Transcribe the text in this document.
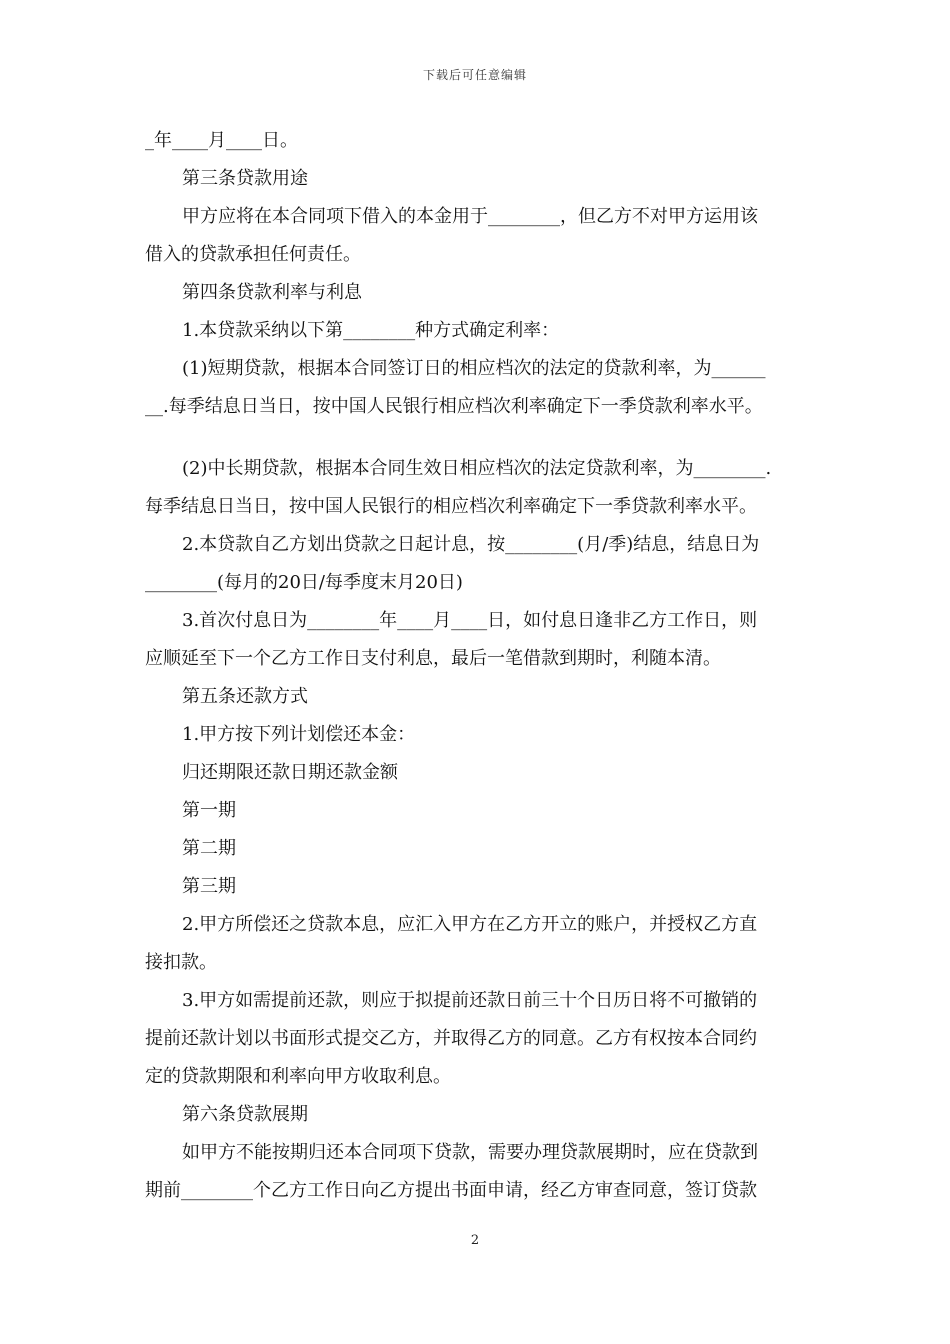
下载后可任意编辑
_年____月____日。
第三条贷款用途
甲方应将在本合同项下借入的本金用于________，但乙方不对甲方运用该
借入的贷款承担任何责任。
第四条贷款利率与利息
1.本贷款采纳以下第________种方式确定利率：
(1)短期贷款，根据本合同签订日的相应档次的法定的贷款利率，为______
__.每季结息日当日，按中国人民银行相应档次利率确定下一季贷款利率水平。
(2)中长期贷款，根据本合同生效日相应档次的法定贷款利率，为________.
每季结息日当日，按中国人民银行的相应档次利率确定下一季贷款利率水平。
2.本贷款自乙方划出贷款之日起计息，按________(月/季)结息，结息日为
________(每月的20日/每季度末月20日)
3.首次付息日为________年____月____日，如付息日逢非乙方工作日，则
应顺延至下一个乙方工作日支付利息，最后一笔借款到期时，利随本清。
第五条还款方式
1.甲方按下列计划偿还本金：
归还期限还款日期还款金额
第一期
第二期
第三期
2.甲方所偿还之贷款本息，应汇入甲方在乙方开立的账户，并授权乙方直
接扣款。
3.甲方如需提前还款，则应于拟提前还款日前三十个日历日将不可撤销的
提前还款计划以书面形式提交乙方，并取得乙方的同意。乙方有权按本合同约
定的贷款期限和利率向甲方收取利息。
第六条贷款展期
如甲方不能按期归还本合同项下贷款，需要办理贷款展期时，应在贷款到
期前________个乙方工作日向乙方提出书面申请，经乙方审查同意，签订贷款
2
